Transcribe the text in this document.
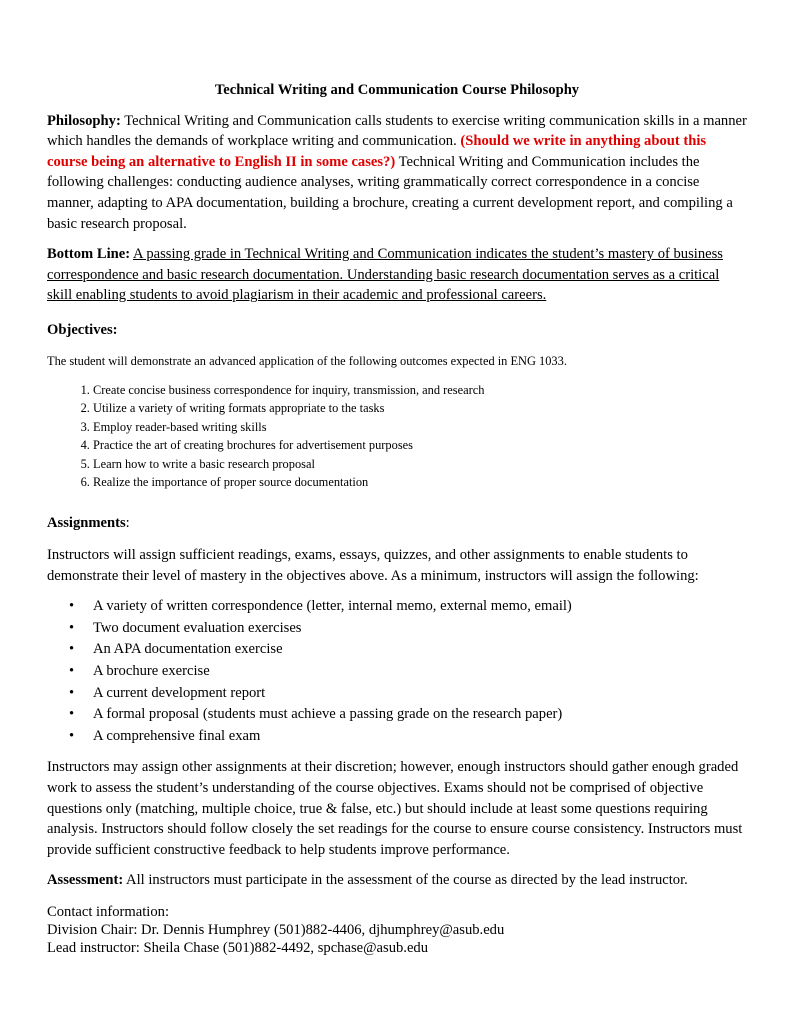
Technical Writing and Communication Course Philosophy

Philosophy: Technical Writing and Communication calls students to exercise writing communication skills in a manner which handles the demands of workplace writing and communication. (Should we write in anything about this course being an alternative to English II in some cases?) Technical Writing and Communication includes the following challenges: conducting audience analyses, writing grammatically correct correspondence in a concise manner, adapting to APA documentation, building a brochure, creating a current development report, and compiling a basic research proposal.

Bottom Line: A passing grade in Technical Writing and Communication indicates the student’s mastery of business correspondence and basic research documentation. Understanding basic research documentation serves as a critical skill enabling students to avoid plagiarism in their academic and professional careers.

Objectives:

The student will demonstrate an advanced application of the following outcomes expected in ENG 1033.

1. Create concise business correspondence for inquiry, transmission, and research
2. Utilize a variety of writing formats appropriate to the tasks
3. Employ reader-based writing skills
4. Practice the art of creating brochures for advertisement purposes
5. Learn how to write a basic research proposal
6. Realize the importance of proper source documentation

Assignments:

Instructors will assign sufficient readings, exams, essays, quizzes, and other assignments to enable students to demonstrate their level of mastery in the objectives above. As a minimum, instructors will assign the following:

• A variety of written correspondence (letter, internal memo, external memo, email)
• Two document evaluation exercises
• An APA documentation exercise
• A brochure exercise
• A current development report
• A formal proposal (students must achieve a passing grade on the research paper)
• A comprehensive final exam

Instructors may assign other assignments at their discretion; however, enough instructors should gather enough graded work to assess the student’s understanding of the course objectives. Exams should not be comprised of objective questions only (matching, multiple choice, true & false, etc.) but should include at least some questions requiring analysis. Instructors should follow closely the set readings for the course to ensure course consistency. Instructors must provide sufficient constructive feedback to help students improve performance.

Assessment: All instructors must participate in the assessment of the course as directed by the lead instructor.

Contact information:
Division Chair: Dr. Dennis Humphrey (501)882-4406, djhumphrey@asub.edu
Lead instructor: Sheila Chase (501)882-4492, spchase@asub.edu
